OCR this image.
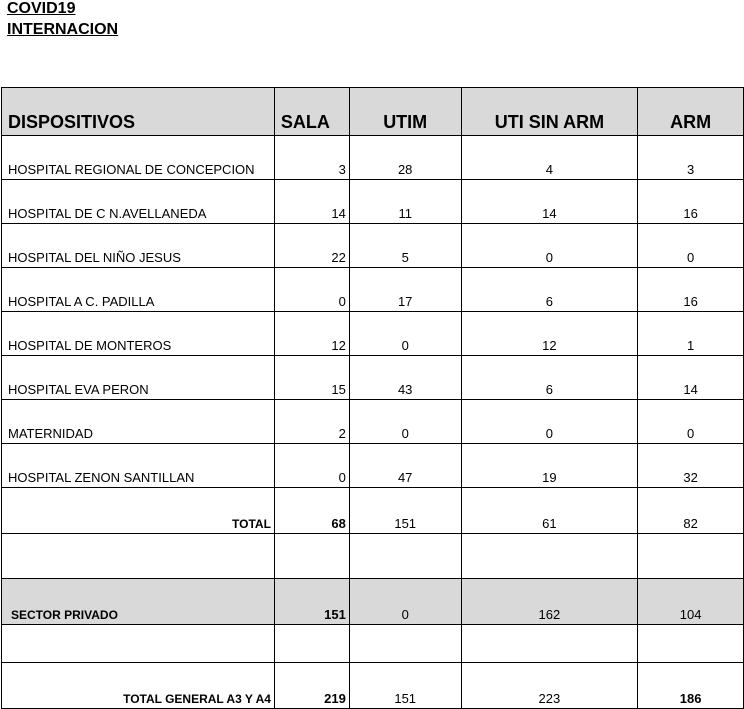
COVID19
INTERNACION
DISPOSITIVOS	SALA	UTIM	UTI SIN ARM	ARM
HOSPITAL REGIONAL DE CONCEPCION	3	28	4	3
HOSPITAL DE C N.AVELLANEDA	14	11	14	16
HOSPITAL DEL NIÑO JESUS	22	5	0	0
HOSPITAL A C. PADILLA	0	17	6	16
HOSPITAL DE MONTEROS	12	0	12	1
HOSPITAL EVA PERON	15	43	6	14
MATERNIDAD	2	0	0	0
HOSPITAL ZENON SANTILLAN	0	47	19	32
TOTAL	68	151	61	82

SECTOR PRIVADO	151	0	162	104

TOTAL GENERAL A3 Y A4	219	151	223	186
